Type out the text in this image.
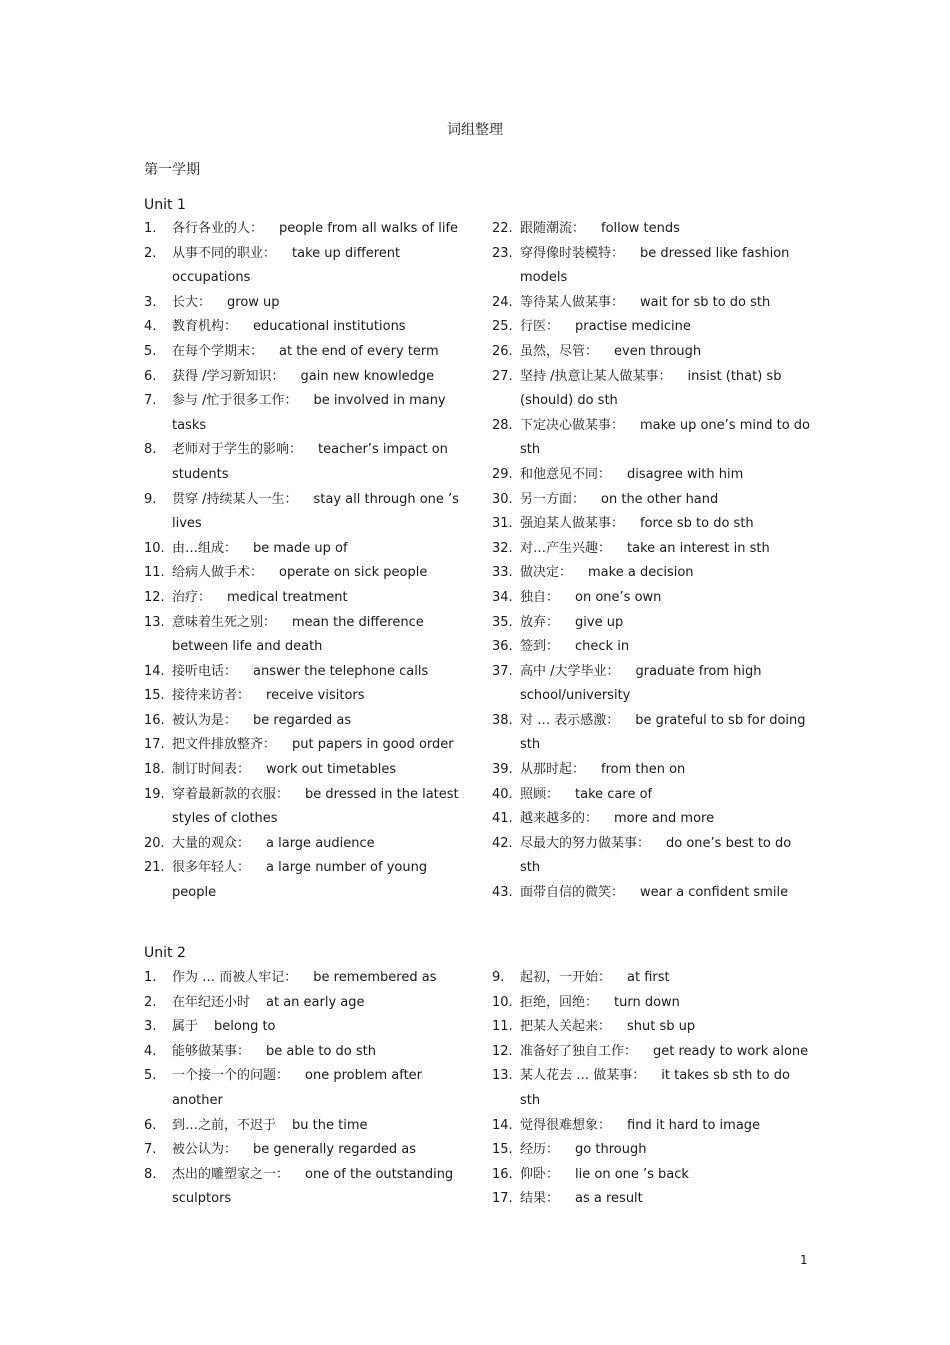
词组整理
第一学期
Unit 1
1.	各行各业的人： people from all walks of life
2.	从事不同的职业： take up different occupations
3.	长大： grow up
4.	教育机构： educational institutions
5.	在每个学期末： at the end of every term
6.	获得 /学习新知识： gain new knowledge
7.	参与 /忙于很多工作： be involved in many tasks
8.	老师对于学生的影响： teacher’s impact on students
9.	贯穿 /持续某人一生： stay all through one ’s lives
10. 由…组成： be made up of
11. 给病人做手术： operate on sick people
12. 治疗： medical treatment
13. 意味着生死之别： mean the difference between life and death
14. 接听电话： answer the telephone calls
15. 接待来访者： receive visitors
16. 被认为是： be regarded as
17. 把文件排放整齐： put papers in good order
18. 制订时间表： work out timetables
19. 穿着最新款的衣服： be dressed in the latest styles of clothes
20. 大量的观众： a large audience
21. 很多年轻人： a large number of young people
22. 跟随潮流： follow tends
23. 穿得像时装模特： be dressed like fashion models
24. 等待某人做某事： wait for sb to do sth
25. 行医： practise medicine
26. 虽然，尽管： even through
27. 坚持 /执意让某人做某事： insist (that) sb (should) do sth
28. 下定决心做某事： make up one’s mind to do sth
29. 和他意见不同： disagree with him
30. 另一方面： on the other hand
31. 强迫某人做某事： force sb to do sth
32. 对…产生兴趣： take an interest in sth
33. 做决定： make a decision
34. 独自： on one’s own
35. 放弃： give up
36. 签到： check in
37. 高中 /大学毕业： graduate from high school/university
38. 对 … 表示感激： be grateful to sb for doing sth
39. 从那时起： from then on
40. 照顾： take care of
41. 越来越多的： more and more
42. 尽最大的努力做某事： do one’s best to do sth
43. 面带自信的微笑： wear a confident smile
Unit 2
1.	作为 … 而被人牢记： be remembered as
2.	在年纪还小时 at an early age
3.	属于 belong to
4.	能够做某事： be able to do sth
5.	一个接一个的问题： one problem after another
6.	到…之前，不迟于 bu the time
7.	被公认为： be generally regarded as
8.	杰出的雕塑家之一： one of the outstanding sculptors
9.	起初，一开始： at first
10. 拒绝，回绝： turn down
11. 把某人关起来： shut sb up
12. 准备好了独自工作： get ready to work alone
13. 某人花去 … 做某事： it takes sb sth to do sth
14. 觉得很难想象： find it hard to image
15. 经历： go through
16. 仰卧： lie on one ’s back
17. 结果： as a result
1
